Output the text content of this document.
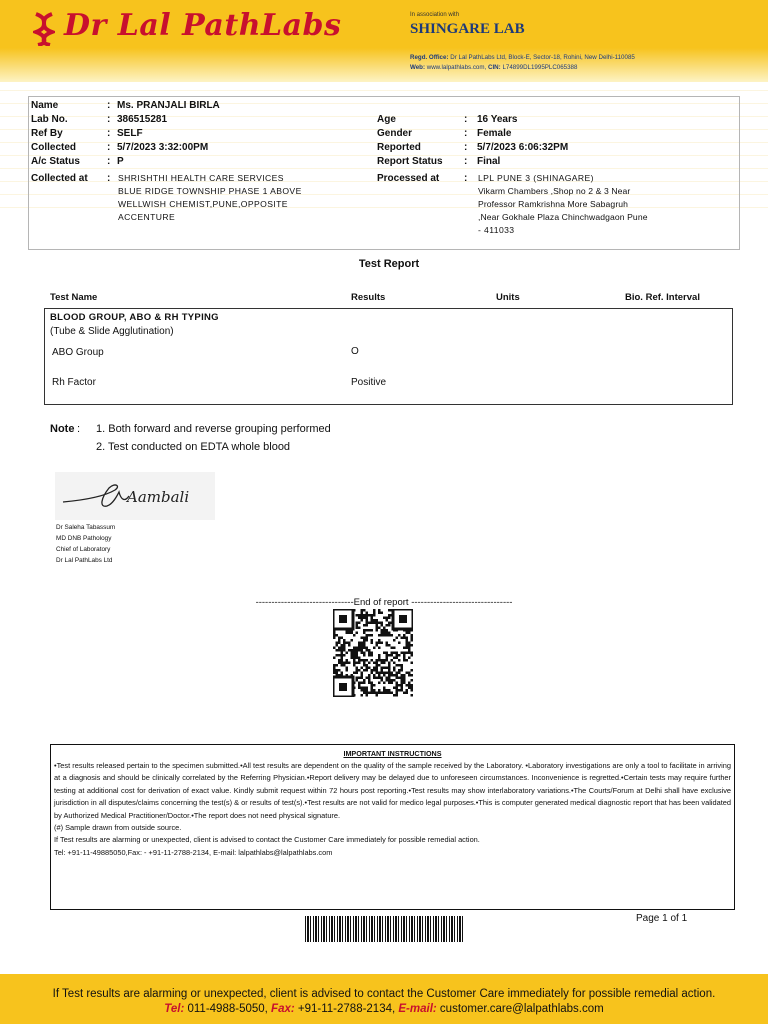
Dr Lal PathLabs	In association with
SHINGARE LAB
Regd. Office: Dr Lal PathLabs Ltd, Block-E, Sector-18, Rohini, New Delhi-110085
Web: www.lalpathlabs.com, CIN: L74899DL1995PLC065388
Name	: Ms. PRANJALI BIRLA
Lab No.	: 386515281
Ref By	: SELF
Collected	: 5/7/2023 3:32:00PM
A/c Status	: P
Collected at : SHRISHTHI HEALTH CARE SERVICES
BLUE RIDGE TOWNSHIP PHASE 1 ABOVE
WELLWISH CHEMIST,PUNE,OPPOSITE
ACCENTURE
Age	: 16 Years
Gender	: Female
Reported	: 5/7/2023 6:06:32PM
Report Status : Final
Processed at : LPL PUNE 3 (SHINAGARE)
Vikarm Chambers ,Shop no 2 & 3 Near
Professor Ramkrishna More Sabagruh
,Near Gokhale Plaza Chinchwadgaon Pune
- 411033
Test Report
Test Name	Results	Units	Bio. Ref. Interval
BLOOD GROUP, ABO & RH TYPING
(Tube & Slide Agglutination)
ABO Group	O
Rh Factor	Positive
Note : 1. Both forward and reverse grouping performed
2. Test conducted on EDTA whole blood
Aambali
Dr Saleha Tabassum
MD DNB Pathology
Chief of Laboratory
Dr Lal PathLabs Ltd
-------------------------------End of report --------------------------------
IMPORTANT INSTRUCTIONS
•Test results released pertain to the specimen submitted.•All test results are dependent on the quality of the sample received by the Laboratory. •Laboratory investigations are only a tool to facilitate in arriving at a diagnosis and should be clinically correlated by the Referring Physician.•Report delivery may be delayed due to unforeseen circumstances. Inconvenience is regretted.•Certain tests may require further testing at additional cost for derivation of exact value. Kindly submit request within 72 hours post reporting.•Test results may show interlaboratory variations.•The Courts/Forum at Delhi shall have exclusive jurisdiction in all disputes/claims concerning the test(s) & or results of test(s).•Test results are not valid for medico legal purposes.•This is computer generated medical diagnostic report that has been validated by Authorized Medical Practitioner/Doctor.•The report does not need physical signature.
(#) Sample drawn from outside source.
If Test results are alarming or unexpected, client is advised to contact the Customer Care immediately for possible remedial action.
Tel: +91-11-49885050,Fax: - +91-11-2788-2134, E-mail: lalpathlabs@lalpathlabs.com
Page 1 of 1
If Test results are alarming or unexpected, client is advised to contact the Customer Care immediately for possible remedial action.
Tel: 011-4988-5050, Fax: +91-11-2788-2134, E-mail: customer.care@lalpathlabs.com
